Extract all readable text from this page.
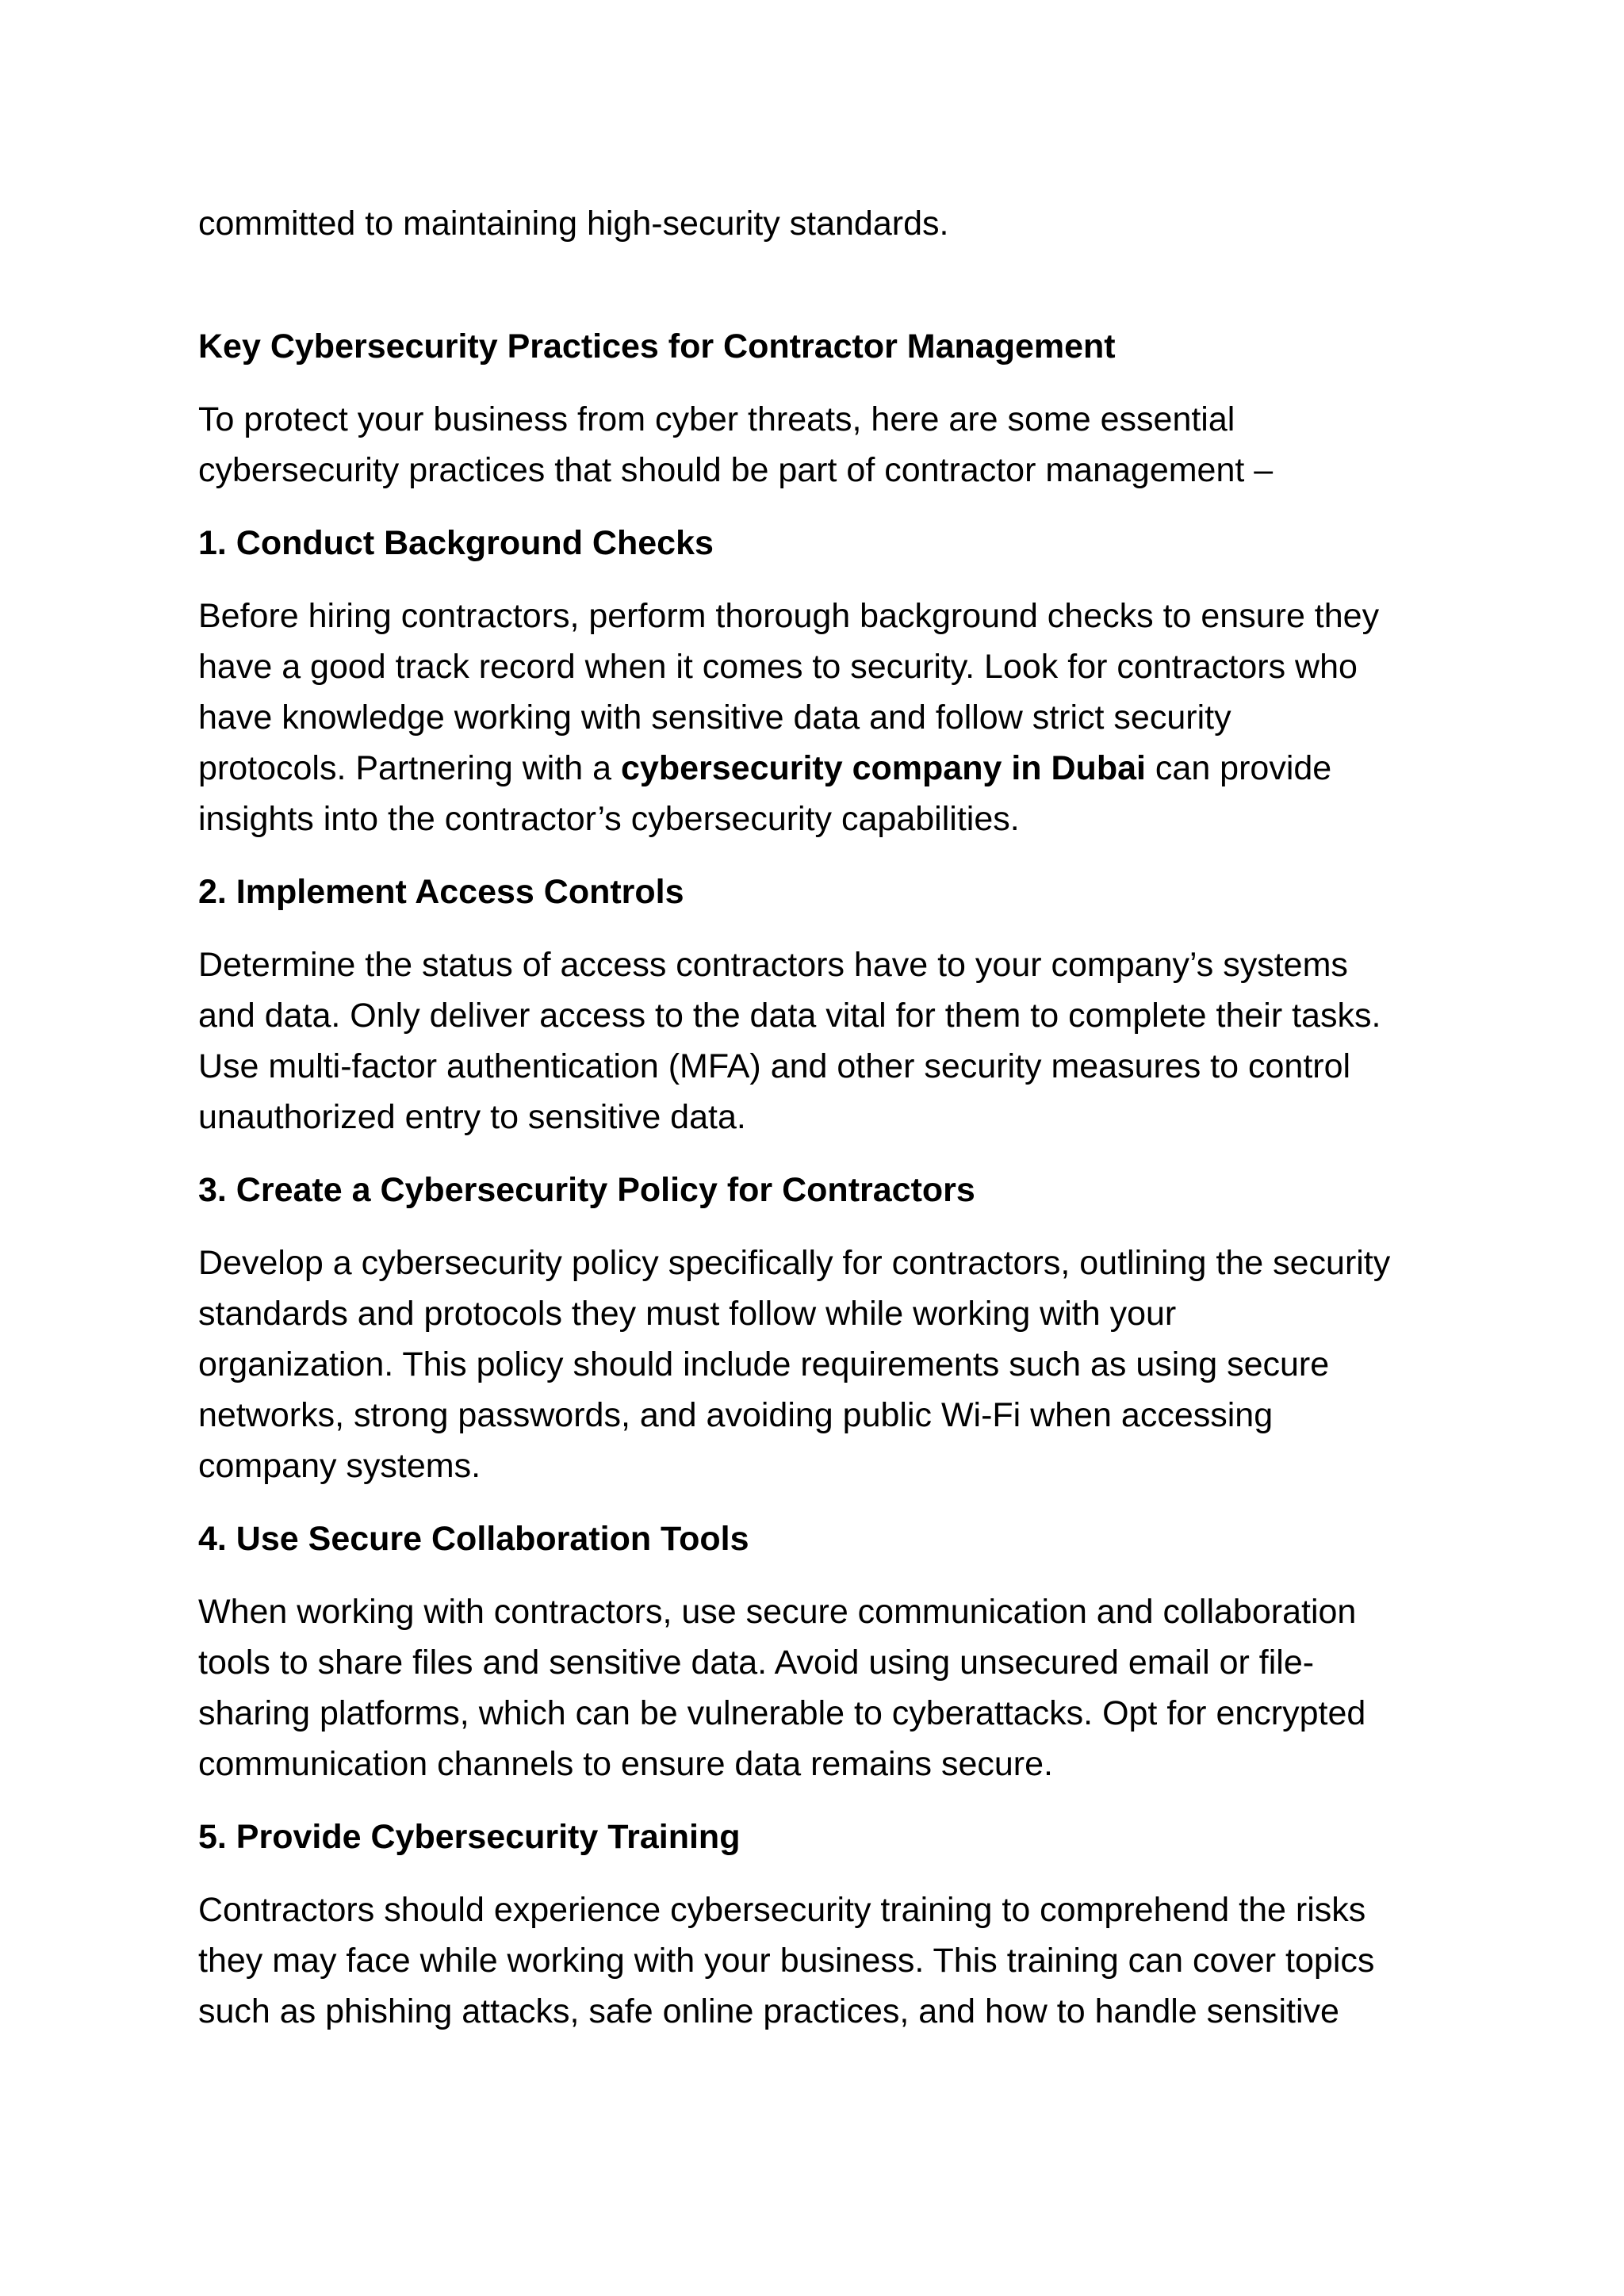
committed to maintaining high-security standards.
Key Cybersecurity Practices for Contractor Management
To protect your business from cyber threats, here are some essential
cybersecurity practices that should be part of contractor management –
1. Conduct Background Checks
Before hiring contractors, perform thorough background checks to ensure they
have a good track record when it comes to security. Look for contractors who
have knowledge working with sensitive data and follow strict security
protocols. Partnering with a cybersecurity company in Dubai can provide
insights into the contractor’s cybersecurity capabilities.
2. Implement Access Controls
Determine the status of access contractors have to your company’s systems
and data. Only deliver access to the data vital for them to complete their tasks.
Use multi-factor authentication (MFA) and other security measures to control
unauthorized entry to sensitive data.
3. Create a Cybersecurity Policy for Contractors
Develop a cybersecurity policy specifically for contractors, outlining the security
standards and protocols they must follow while working with your
organization. This policy should include requirements such as using secure
networks, strong passwords, and avoiding public Wi-Fi when accessing
company systems.
4. Use Secure Collaboration Tools
When working with contractors, use secure communication and collaboration
tools to share files and sensitive data. Avoid using unsecured email or file-
sharing platforms, which can be vulnerable to cyberattacks. Opt for encrypted
communication channels to ensure data remains secure.
5. Provide Cybersecurity Training
Contractors should experience cybersecurity training to comprehend the risks
they may face while working with your business. This training can cover topics
such as phishing attacks, safe online practices, and how to handle sensitive
